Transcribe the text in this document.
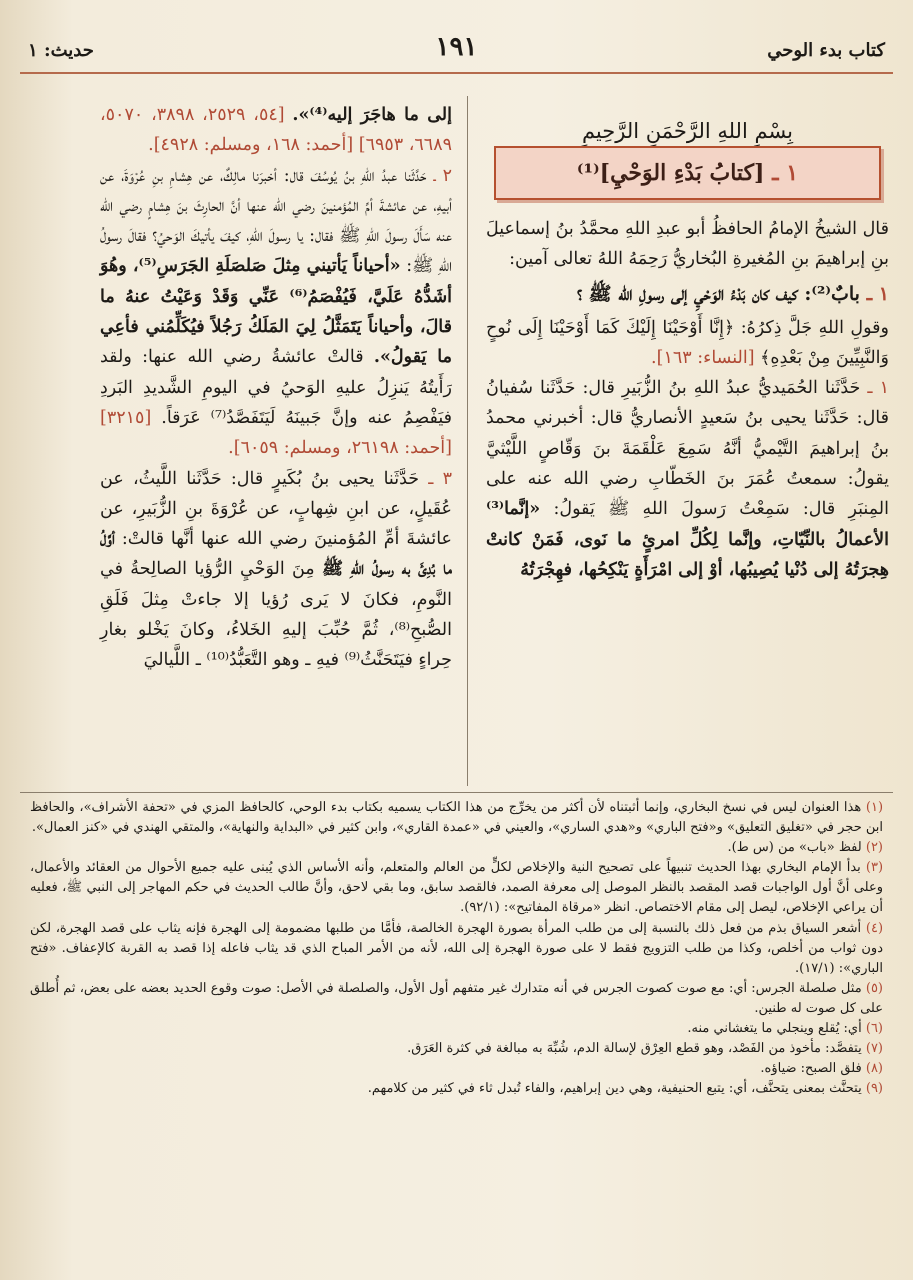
كتاب بدء الوحي
١٩١
حديث: ١

بِسْمِ اللهِ الرَّحْمَنِ الرَّحِيمِ

١ ـ [كتابُ بَدْءِ الوَحْيِ]⁽¹⁾

قال الشيخُ الإمامُ الحافظُ أبو عبدِ اللهِ محمَّدُ بنُ إسماعيلَ بنِ إبراهيمَ بنِ المُغيرةِ البُخاريُّ رَحِمَهُ اللهُ تعالى آمين:

١ ـ بابٌ⁽²⁾: كيف كان بَدْءُ الوَحْيِ إلى رسولِ الله ﷺ ؟

وقولِ اللهِ جَلَّ ذِكرُهُ: ﴿إِنَّا أَوْحَيْنَا إِلَيْكَ كَمَا أَوْحَيْنَا إِلَى نُوحٍ وَالنَّبِيِّينَ مِنْ بَعْدِهِ﴾ [النساء: ١٦٣].

١ ـ حَدَّثَنا الحُمَيديُّ عبدُ اللهِ بنُ الزُّبَيرِ قال: حَدَّثَنا سُفيانُ قال: حَدَّثَنا يحيى بنُ سَعيدٍ الأنصاريُّ قال: أخبرني محمدُ بنُ إبراهيمَ التَّيْميُّ أنَّهُ سَمِعَ عَلْقَمَةَ بنَ وَقّاصٍ اللَّيْثيَّ يقولُ: سمعتُ عُمَرَ بنَ الخَطّابِ رضي الله عنه على المِنبَرِ قال: سَمِعْتُ رَسولَ اللهِ ﷺ يَقولُ: «إنَّما⁽³⁾ الأعمالُ بالنِّيّاتِ، وإنَّما لِكُلِّ امرئٍ ما نَوى، فَمَنْ كانتْ هِجرَتُهُ إلى دُنْيا يُصِيبُها، أوْ إلى امْرَأَةٍ يَنْكِحُها، فهِجْرَتُهُ

إلى ما هاجَرَ إليه⁽⁴⁾». [٥٤، ٢٥٢٩، ٣٨٩٨، ٥٠٧٠، ٦٦٨٩، ٦٩٥٣] [أحمد: ١٦٨، ومسلم: ٤٩٢٨].

٢ ـ حَدَّثَنا عبدُ اللهِ بنُ يُوسُفَ قال: أخبرَنا مالِكٌ، عن هِشامِ بنِ عُرْوَةَ، عن أبيهِ، عن عائشةَ أمِّ المُؤمنينَ رضي الله عنها أنَّ الحارِثَ بنَ هِشامٍ رضي الله عنه سَأَلَ رسولَ اللهِ ﷺ فقال: يا رسولَ اللهِ، كيفَ يأتيكَ الوَحيُ؟ فقالَ رسولُ اللهِ ﷺ: «أحياناً يَأتيني مِثلَ صَلصَلَةِ الجَرَسِ⁽⁵⁾، وهُوَ أشَدُّهُ عَلَيَّ، فَيُفْصَمُ⁽⁶⁾ عَنِّي وَقَدْ وَعَيْتُ عنهُ ما قالَ، وأحياناً يَتَمَثَّلُ لِيَ المَلَكُ رَجُلاً فيُكَلِّمُني فأعِي ما يَقولُ». قالتْ عائشةُ رضي الله عنها: ولقد رَأَيتُهُ يَنزِلُ عليهِ الوَحيُ في اليومِ الشَّديدِ البَردِ فيَفْصِمُ عنه وإنَّ جَبينَهُ لَيَتَفَصَّدُ⁽⁷⁾ عَرَقاً. [٣٢١٥] [أحمد: ٢٦١٩٨، ومسلم: ٦٠٥٩].

٣ ـ حَدَّثَنا يحيى بنُ بُكَيرٍ قال: حَدَّثَنا اللَّيثُ، عن عُقَيلٍ، عن ابنِ شِهابٍ، عن عُرْوَةَ بنِ الزُّبَيرِ، عن عائشةَ أمِّ المُؤمنينَ رضي الله عنها أنَّها قالتْ: أوَّلُ ما بُدِئَ به رسولُ اللهِ ﷺ مِنَ الوَحْيِ الرُّؤيا الصالِحةُ في النَّومِ، فكانَ لا يَرى رُؤيا إلا جاءتْ مِثلَ فَلَقِ الصُّبحِ⁽⁸⁾، ثُمَّ حُبِّبَ إليهِ الخَلاءُ، وكانَ يَخْلو بغارِ حِراءٍ فيَتَحَنَّثُ⁽⁹⁾ فيهِ ـ وهو التَّعَبُّدُ⁽¹⁰⁾ ـ اللَّياليَ

(١) هذا العنوان ليس في نسخ البخاري، وإنما أثبتناه لأن أكثر من يخرِّج من هذا الكتاب يسميه بكتاب بدء الوحي، كالحافظ المزي في «تحفة الأشراف»، والحافظ ابن حجر في «تغليق التعليق» و«فتح الباري» و«هدي الساري»، والعيني في «عمدة القاري»، وابن كثير في «البداية والنهاية»، والمتقي الهندي في «كنز العمال».

(٢) لفظ «باب» من (س ط).

(٣) بدأ الإمام البخاري بهذا الحديث تنبيهاً على تصحيح النية والإخلاص لكلٍّ من العالم والمتعلم، وأنه الأساس الذي يُبنى عليه جميع الأحوال من العقائد والأعمال، وعلى أنَّ أول الواجبات قصد المقصد بالنظر الموصل إلى معرفة الصمد، فالقصد سابق، وما بقي لاحق، وأنَّ طالب الحديث في حكم المهاجر إلى النبي ﷺ، فعليه أن يراعي الإخلاص، ليصل إلى مقام الاختصاص. انظر «مرقاة المفاتيح»: (٩٢/١).

(٤) أشعر السياق بذم من فعل ذلك بالنسبة إلى من طلب المرأة بصورة الهجرة الخالصة، فأمَّا من طلبها مضمومة إلى الهجرة فإنه يثاب على قصد الهجرة، لكن دون ثواب من أخلص، وكذا من طلب التزويج فقط لا على صورة الهجرة إلى الله، لأنه من الأمر المباح الذي قد يثاب فاعله إذا قصد به القربة كالإعفاف. «فتح الباري»: (١٧/١).

(٥) مثل صلصلة الجرس: أي: مع صوت كصوت الجرس في أنه متدارك غير متفهم أول الأول، والصلصلة في الأصل: صوت وقوع الحديد بعضه على بعض، ثم أُطلق على كل صوت له طنين.

(٦) أي: يُقلع وينجلي ما يتغشاني منه.

(٧) يتفصَّد: مأخوذ من الفَصْد، وهو قطع العِرْق لإسالة الدم، شُبِّهَ به مبالغة في كثرة العَرَق.

(٨) فلق الصبح: ضياؤه.

(٩) يتحنَّث بمعنى يتحنَّف، أي: يتبع الحنيفية، وهي دين إبراهيم، والفاء تُبدل ثاء في كثير من كلامهم.
